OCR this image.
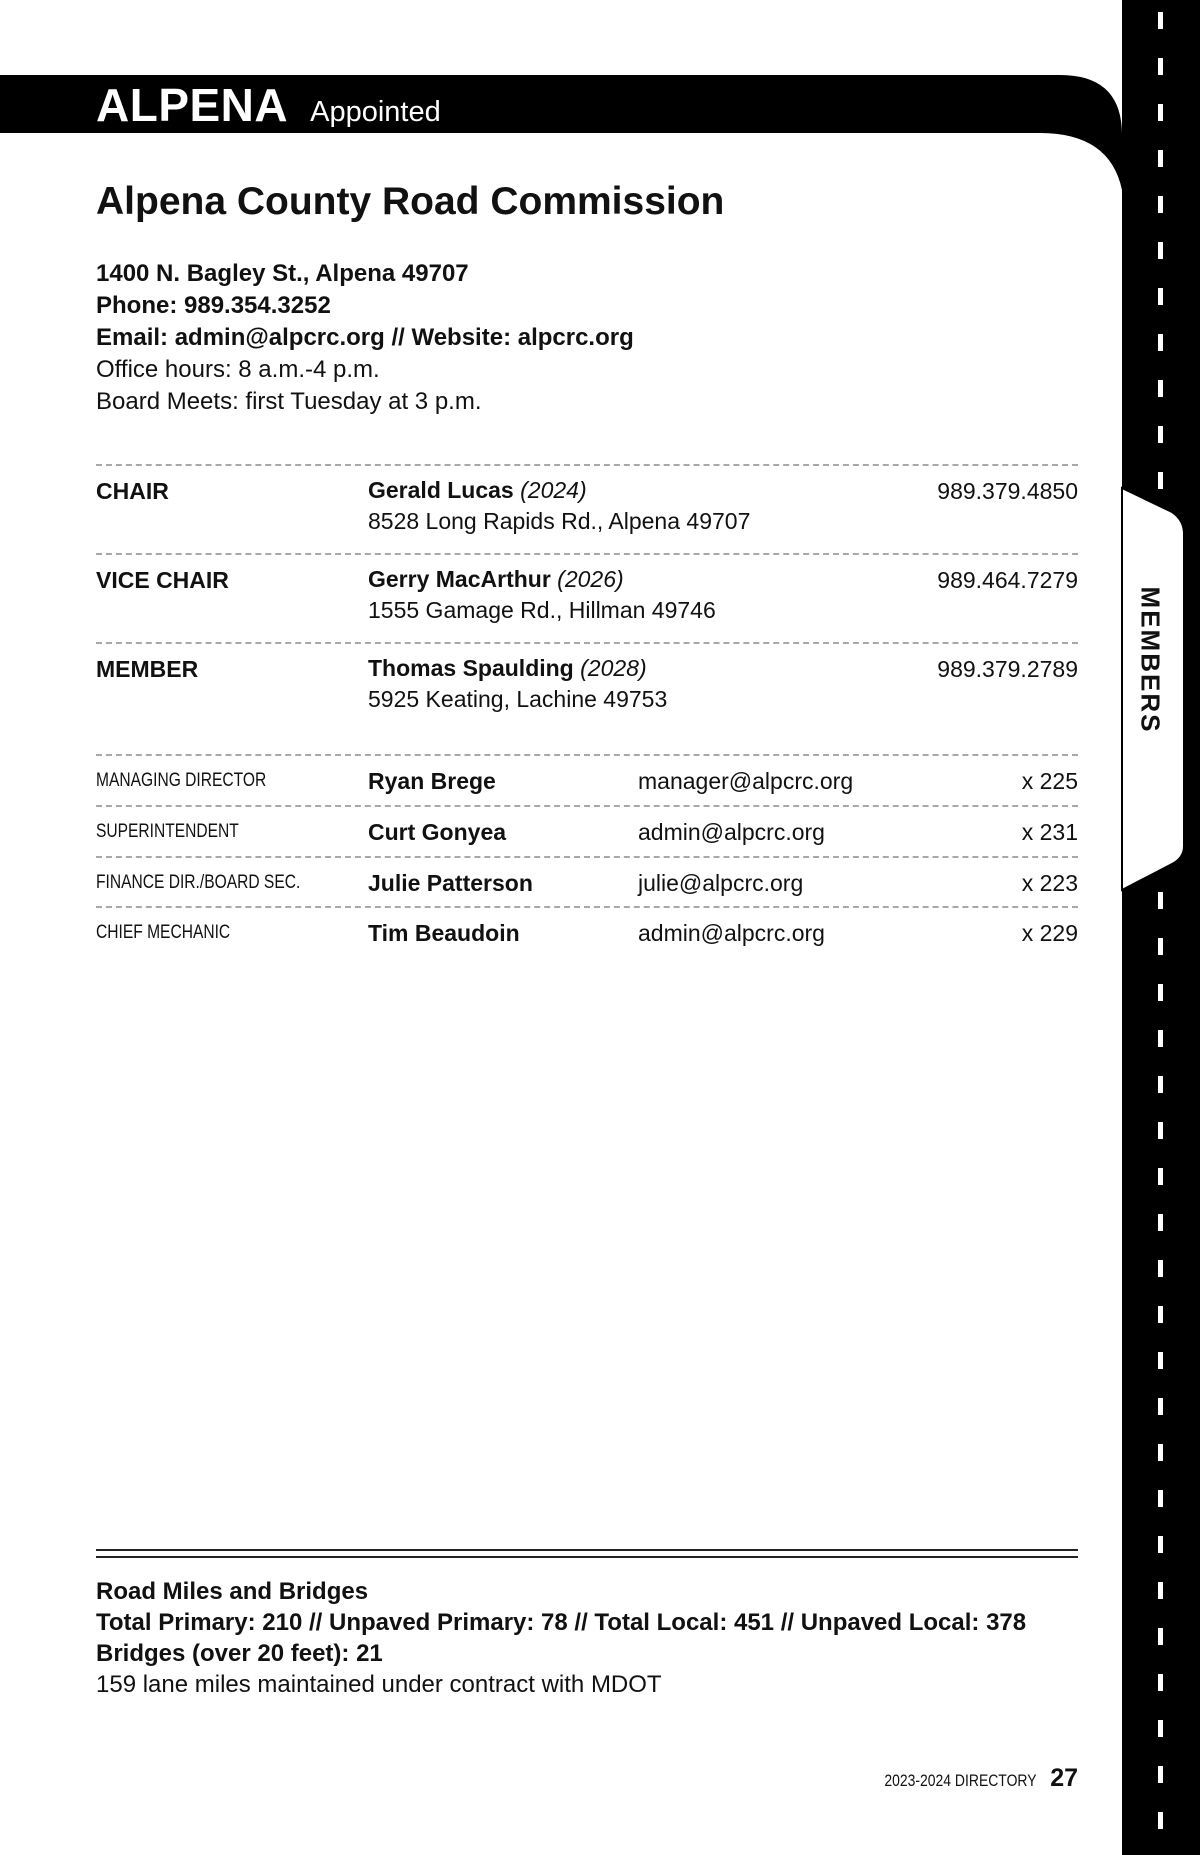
ALPENA Appointed
Alpena County Road Commission
1400 N. Bagley St., Alpena 49707
Phone: 989.354.3252
Email: admin@alpcrc.org // Website: alpcrc.org
Office hours: 8 a.m.-4 p.m.
Board Meets: first Tuesday at 3 p.m.
CHAIR	Gerald Lucas (2024)
8528 Long Rapids Rd., Alpena 49707
989.379.4850
VICE CHAIR	Gerry MacArthur (2026)
1555 Gamage Rd., Hillman 49746
989.464.7279
MEMBER	Thomas Spaulding (2028)
5925 Keating, Lachine 49753
989.379.2789
MANAGING DIRECTOR	Ryan Brege	manager@alpcrc.org	x 225
SUPERINTENDENT	Curt Gonyea	admin@alpcrc.org	x 231
FINANCE DIR./BOARD SEC.	Julie Patterson	julie@alpcrc.org	x 223
CHIEF MECHANIC	Tim Beaudoin	admin@alpcrc.org	x 229
Road Miles and Bridges
Total Primary: 210 // Unpaved Primary: 78 // Total Local: 451 // Unpaved Local: 378
Bridges (over 20 feet): 21
159 lane miles maintained under contract with MDOT
2023-2024 DIRECTORY 27
MEMBERS
